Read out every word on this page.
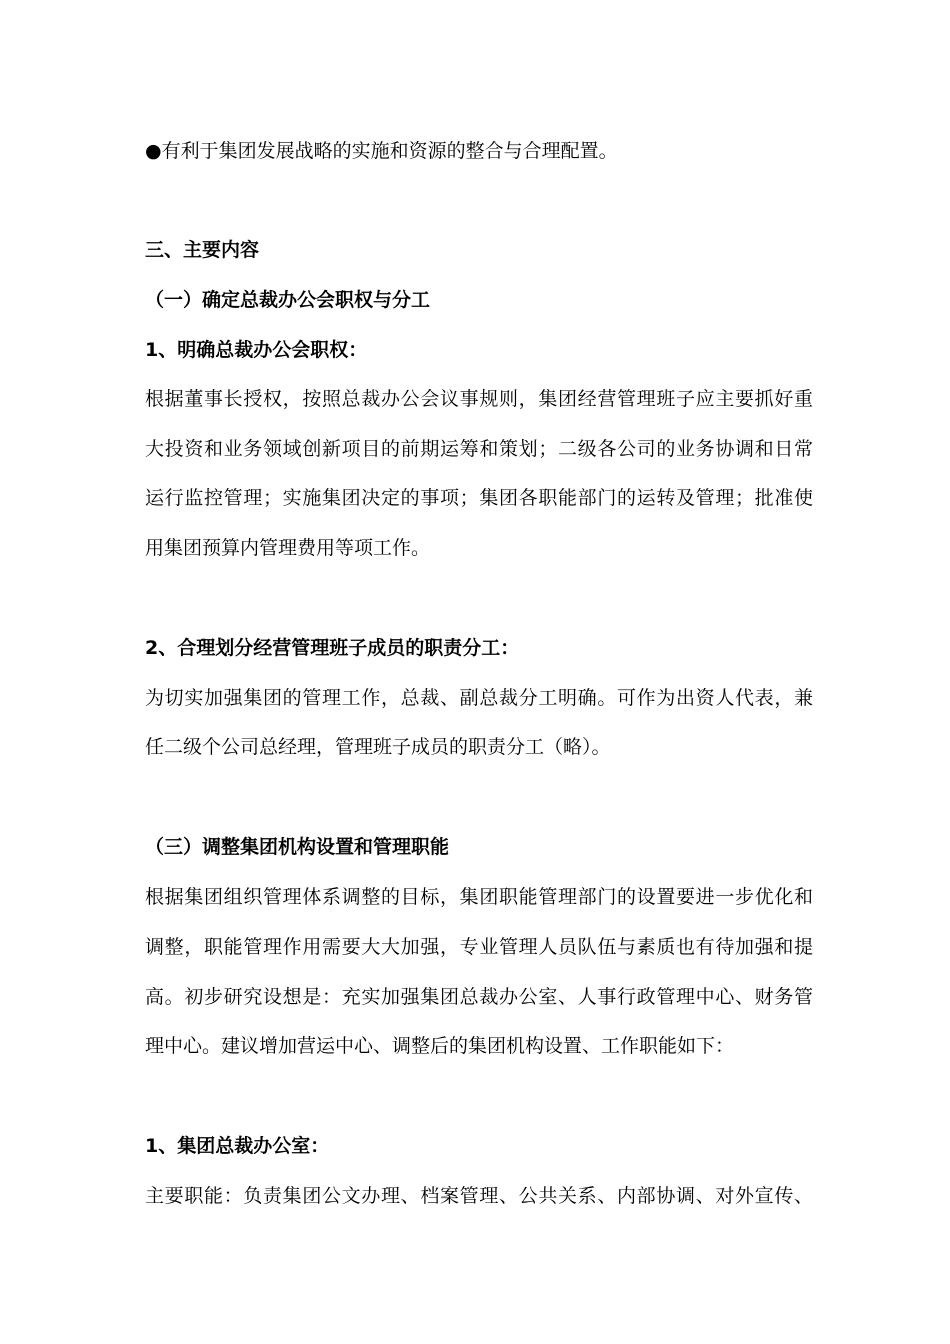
●有利于集团发展战略的实施和资源的整合与合理配置。
三、主要内容
（一）确定总裁办公会职权与分工
1、明确总裁办公会职权：
根据董事长授权，按照总裁办公会议事规则，集团经营管理班子应主要抓好重
大投资和业务领域创新项目的前期运筹和策划；二级各公司的业务协调和日常
运行监控管理；实施集团决定的事项；集团各职能部门的运转及管理；批准使
用集团预算内管理费用等项工作。
2、合理划分经营管理班子成员的职责分工：
为切实加强集团的管理工作，总裁、副总裁分工明确。可作为出资人代表，兼
任二级个公司总经理，管理班子成员的职责分工（略）。
（三）调整集团机构设置和管理职能
根据集团组织管理体系调整的目标，集团职能管理部门的设置要进一步优化和
调整，职能管理作用需要大大加强，专业管理人员队伍与素质也有待加强和提
高。初步研究设想是：充实加强集团总裁办公室、人事行政管理中心、财务管
理中心。建议增加营运中心、调整后的集团机构设置、工作职能如下：
1、集团总裁办公室：
主要职能：负责集团公文办理、档案管理、公共关系、内部协调、对外宣传、
